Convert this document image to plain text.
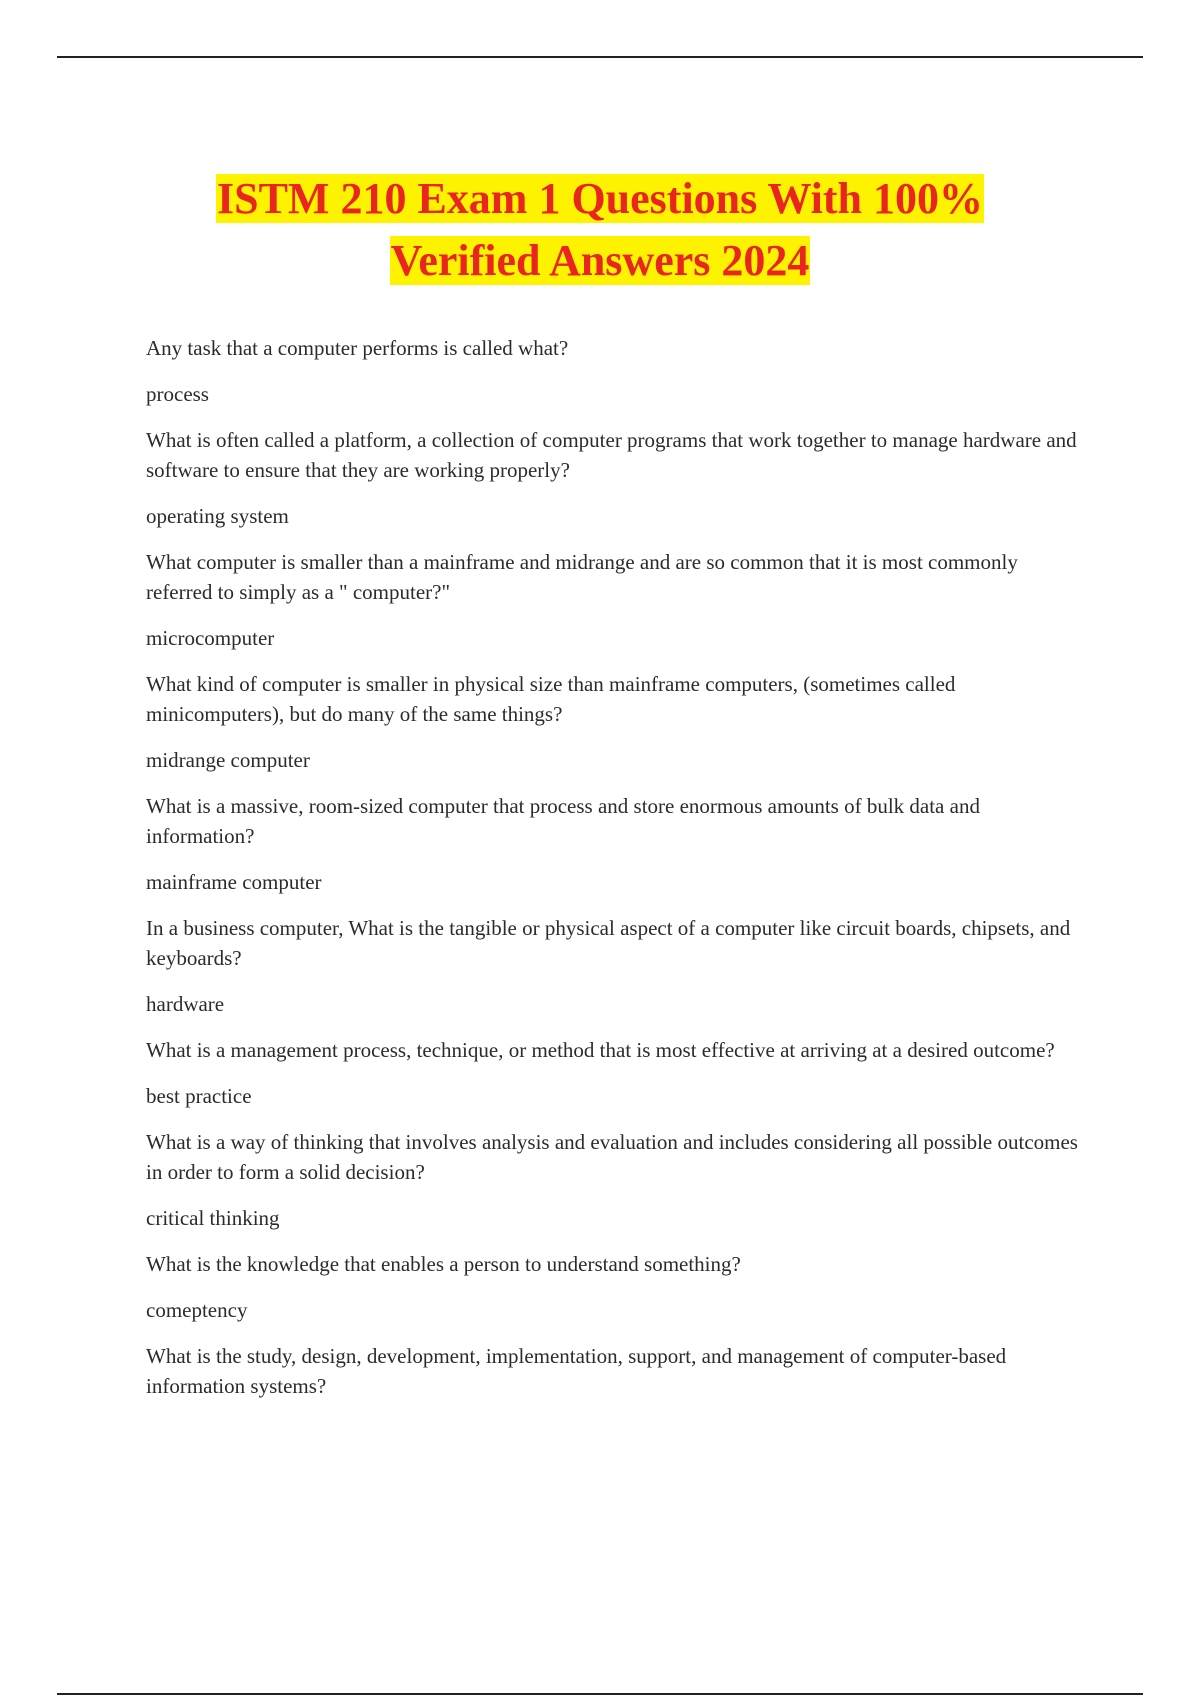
ISTM 210 Exam 1 Questions With 100%
Verified Answers 2024

Any task that a computer performs is called what?

process

What is often called a platform, a collection of computer programs that work together to manage hardware and software to ensure that they are working properly?

operating system

What computer is smaller than a mainframe and midrange and are so common that it is most commonly referred to simply as a " computer?"

microcomputer

What kind of computer is smaller in physical size than mainframe computers, (sometimes called minicomputers), but do many of the same things?

midrange computer

What is a massive, room-sized computer that process and store enormous amounts of bulk data and information?

mainframe computer

In a business computer, What is the tangible or physical aspect of a computer like circuit boards, chipsets, and keyboards?

hardware

What is a management process, technique, or method that is most effective at arriving at a desired outcome?

best practice

What is a way of thinking that involves analysis and evaluation and includes considering all possible outcomes in order to form a solid decision?

critical thinking

What is the knowledge that enables a person to understand something?

comeptency

What is the study, design, development, implementation, support, and management of computer-based information systems?
